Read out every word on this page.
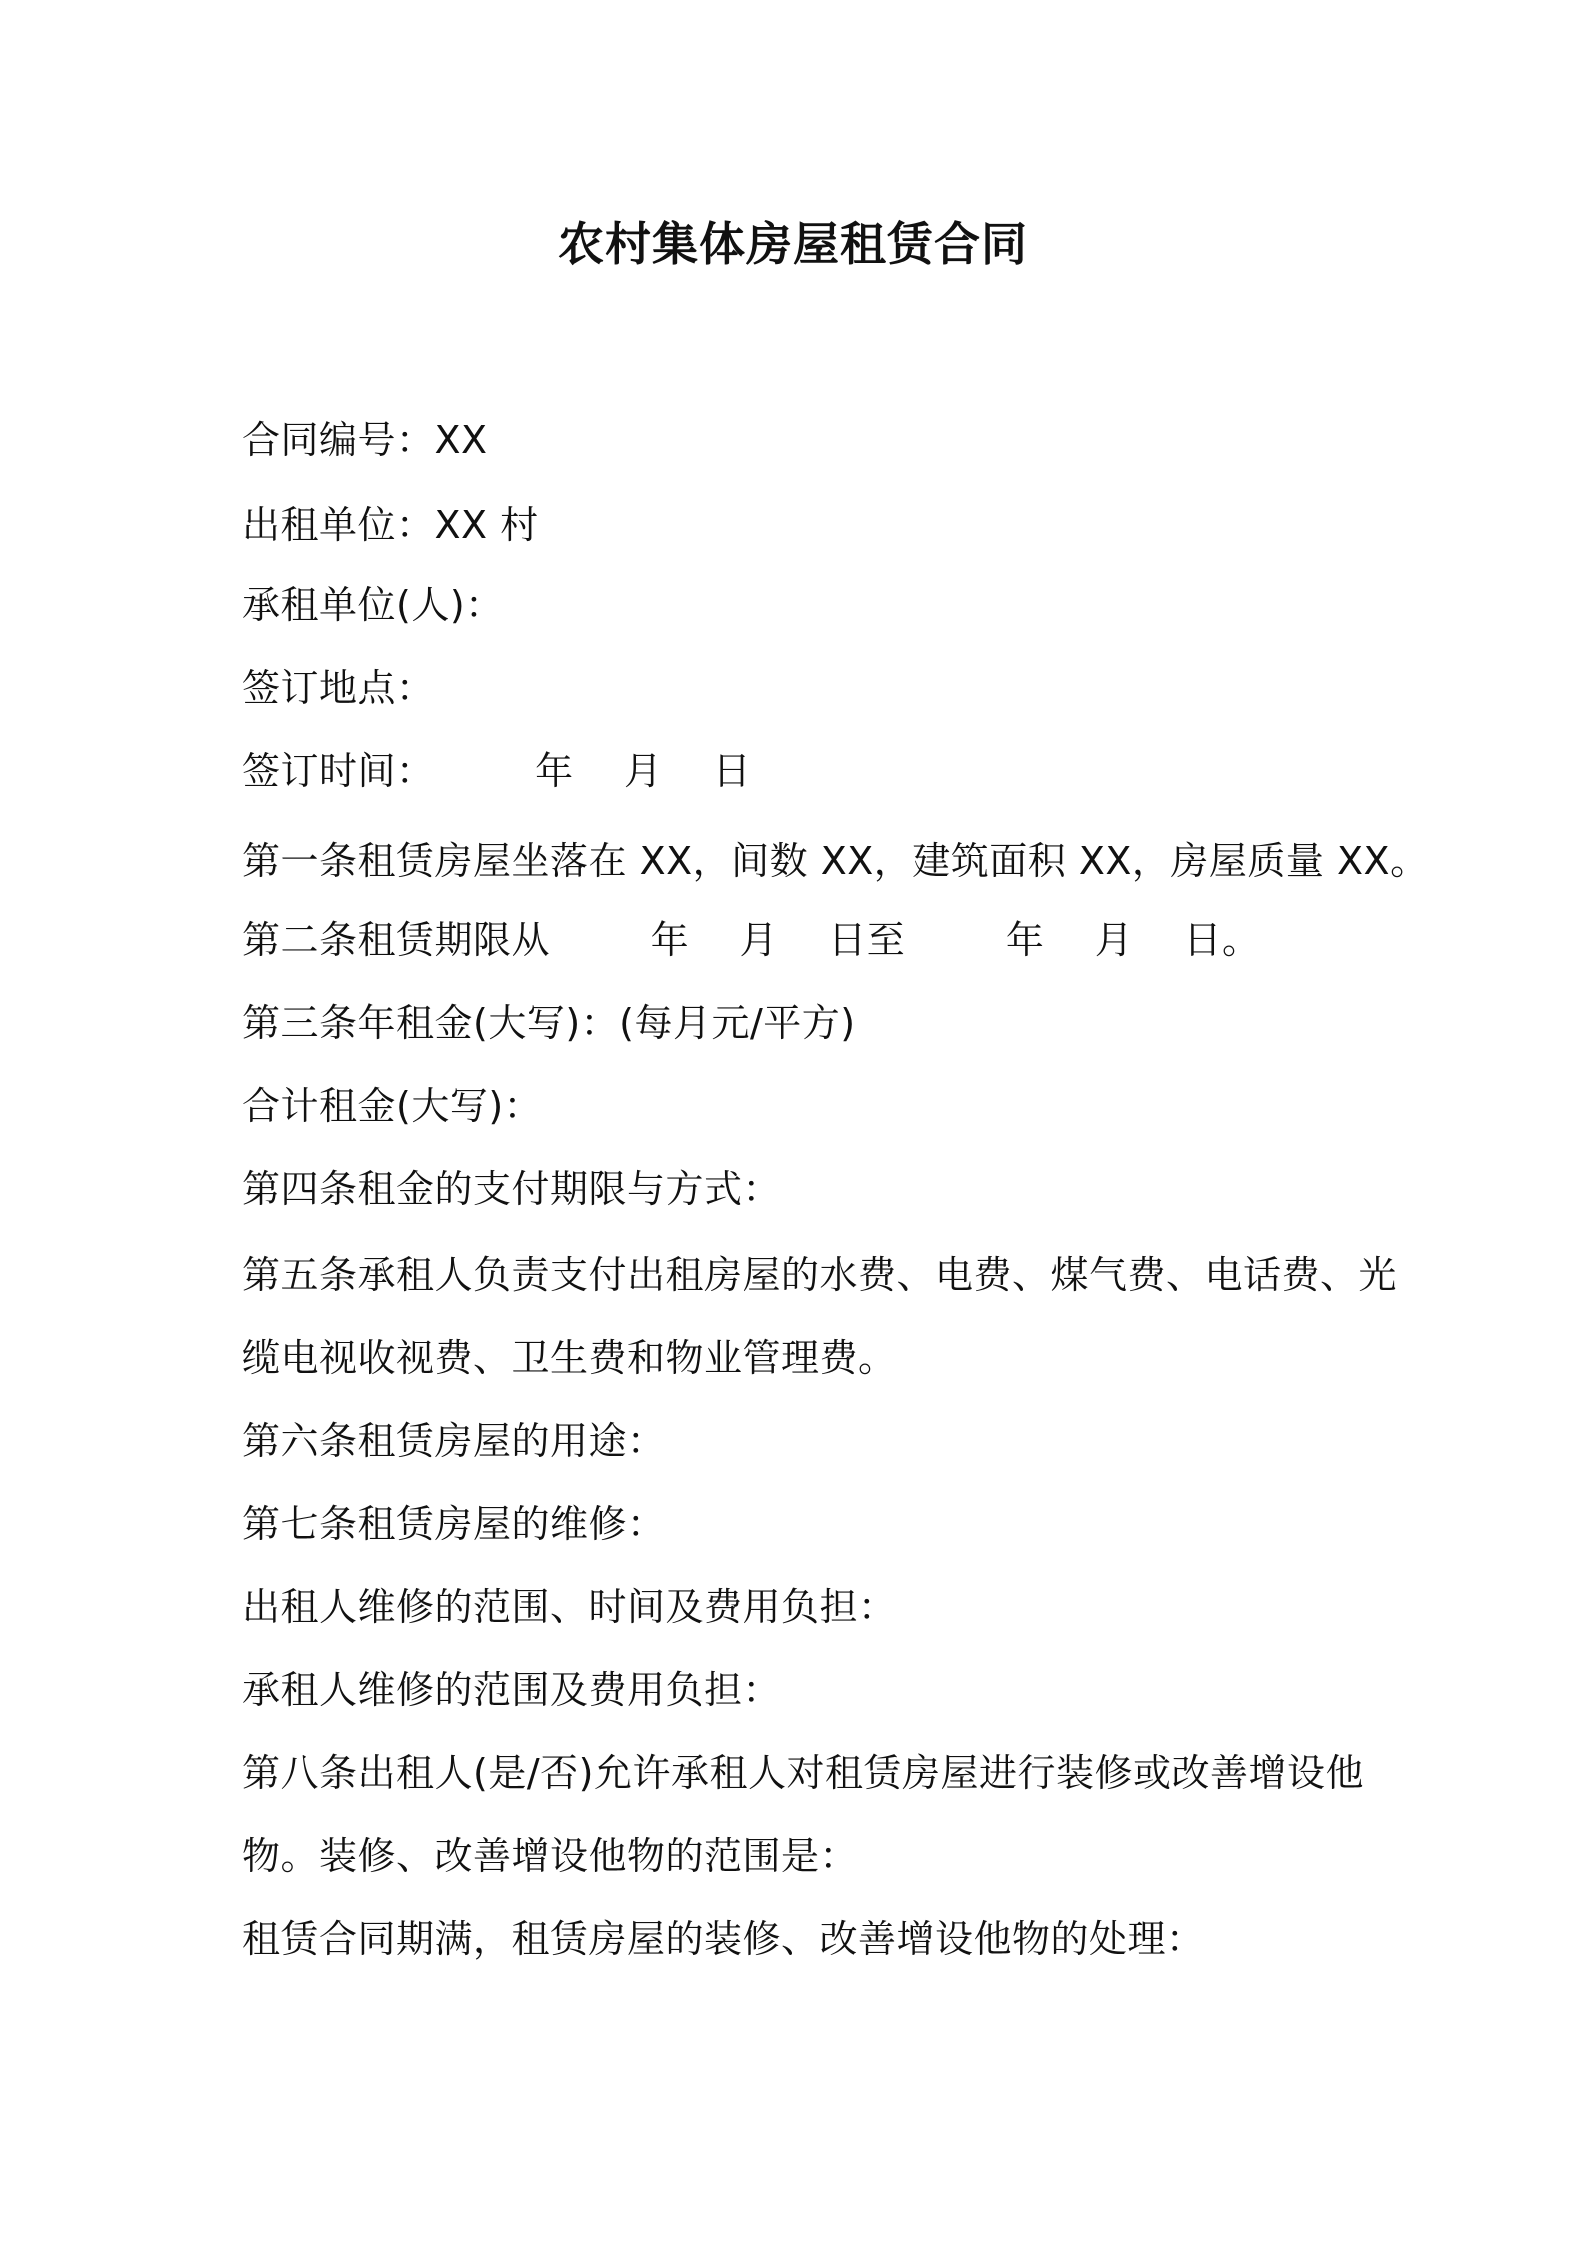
农村集体房屋租赁合同
合同编号：XX
出租单位：XX 村
承租单位(人)：
签订地点：
签订时间：        年    月    日
第一条租赁房屋坐落在 XX，间数 XX，建筑面积 XX，房屋质量 XX。
第二条租赁期限从        年    月    日至        年    月    日。
第三条年租金(大写)：(每月元/平方)
合计租金(大写)：
第四条租金的支付期限与方式：
第五条承租人负责支付出租房屋的水费、电费、煤气费、电话费、光
缆电视收视费、卫生费和物业管理费。
第六条租赁房屋的用途：
第七条租赁房屋的维修：
出租人维修的范围、时间及费用负担：
承租人维修的范围及费用负担：
第八条出租人(是/否)允许承租人对租赁房屋进行装修或改善增设他
物。装修、改善增设他物的范围是：
租赁合同期满，租赁房屋的装修、改善增设他物的处理：
